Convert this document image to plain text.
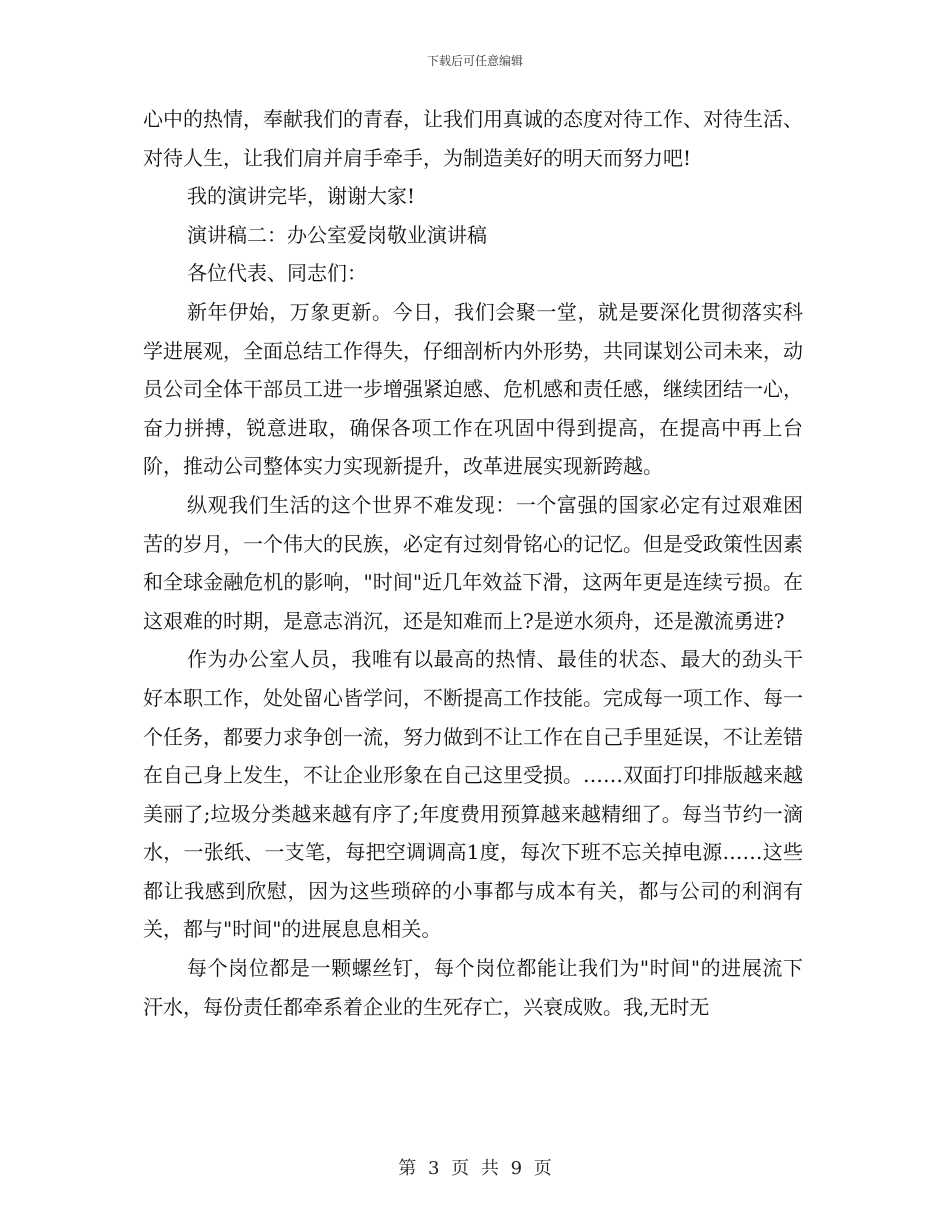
下载后可任意编辑

心中的热情，奉献我们的青春，让我们用真诚的态度对待工作、对待生活、对待人生，让我们肩并肩手牵手，为制造美好的明天而努力吧!

我的演讲完毕，谢谢大家!

演讲稿二：办公室爱岗敬业演讲稿

各位代表、同志们：

新年伊始，万象更新。今日，我们会聚一堂，就是要深化贯彻落实科学进展观，全面总结工作得失，仔细剖析内外形势，共同谋划公司未来，动员公司全体干部员工进一步增强紧迫感、危机感和责任感，继续团结一心，奋力拼搏，锐意进取，确保各项工作在巩固中得到提高，在提高中再上台阶，推动公司整体实力实现新提升，改革进展实现新跨越。

纵观我们生活的这个世界不难发现：一个富强的国家必定有过艰难困苦的岁月，一个伟大的民族，必定有过刻骨铭心的记忆。但是受政策性因素和全球金融危机的影响，"时间"近几年效益下滑，这两年更是连续亏损。在这艰难的时期，是意志消沉，还是知难而上?是逆水须舟，还是激流勇进?

作为办公室人员，我唯有以最高的热情、最佳的状态、最大的劲头干好本职工作，处处留心皆学问，不断提高工作技能。完成每一项工作、每一个任务，都要力求争创一流，努力做到不让工作在自己手里延误，不让差错在自己身上发生，不让企业形象在自己这里受损。……双面打印排版越来越美丽了;垃圾分类越来越有序了;年度费用预算越来越精细了。每当节约一滴水，一张纸、一支笔，每把空调调高1度，每次下班不忘关掉电源……这些都让我感到欣慰，因为这些琐碎的小事都与成本有关，都与公司的利润有关，都与"时间"的进展息息相关。

每个岗位都是一颗螺丝钉，每个岗位都能让我们为"时间"的进展流下汗水，每份责任都牵系着企业的生死存亡，兴衰成败。我,无时无

第 3 页 共 9 页
